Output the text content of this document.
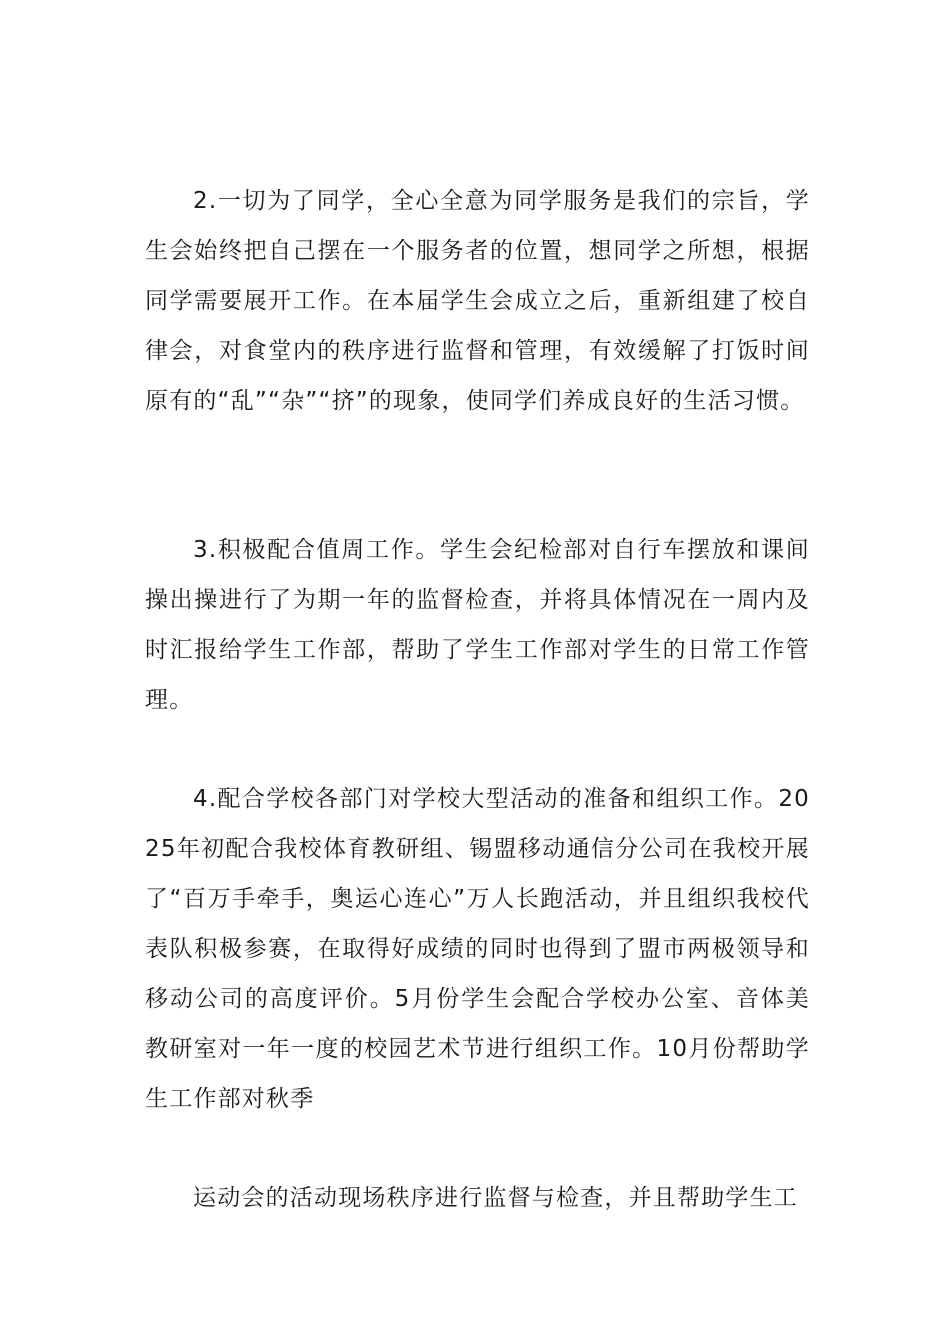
2.一切为了同学，全心全意为同学服务是我们的宗旨，学生会始终把自己摆在一个服务者的位置，想同学之所想，根据同学需要展开工作。在本届学生会成立之后，重新组建了校自律会，对食堂内的秩序进行监督和管理，有效缓解了打饭时间原有的“乱”“杂”“挤”的现象，使同学们养成良好的生活习惯。

3.积极配合值周工作。学生会纪检部对自行车摆放和课间操出操进行了为期一年的监督检查，并将具体情况在一周内及时汇报给学生工作部，帮助了学生工作部对学生的日常工作管理。

4.配合学校各部门对学校大型活动的准备和组织工作。2025年初配合我校体育教研组、锡盟移动通信分公司在我校开展了“百万手牵手，奥运心连心”万人长跑活动，并且组织我校代表队积极参赛，在取得好成绩的同时也得到了盟市两极领导和移动公司的高度评价。5月份学生会配合学校办公室、音体美教研室对一年一度的校园艺术节进行组织工作。10月份帮助学生工作部对秋季

运动会的活动现场秩序进行监督与检查，并且帮助学生工
